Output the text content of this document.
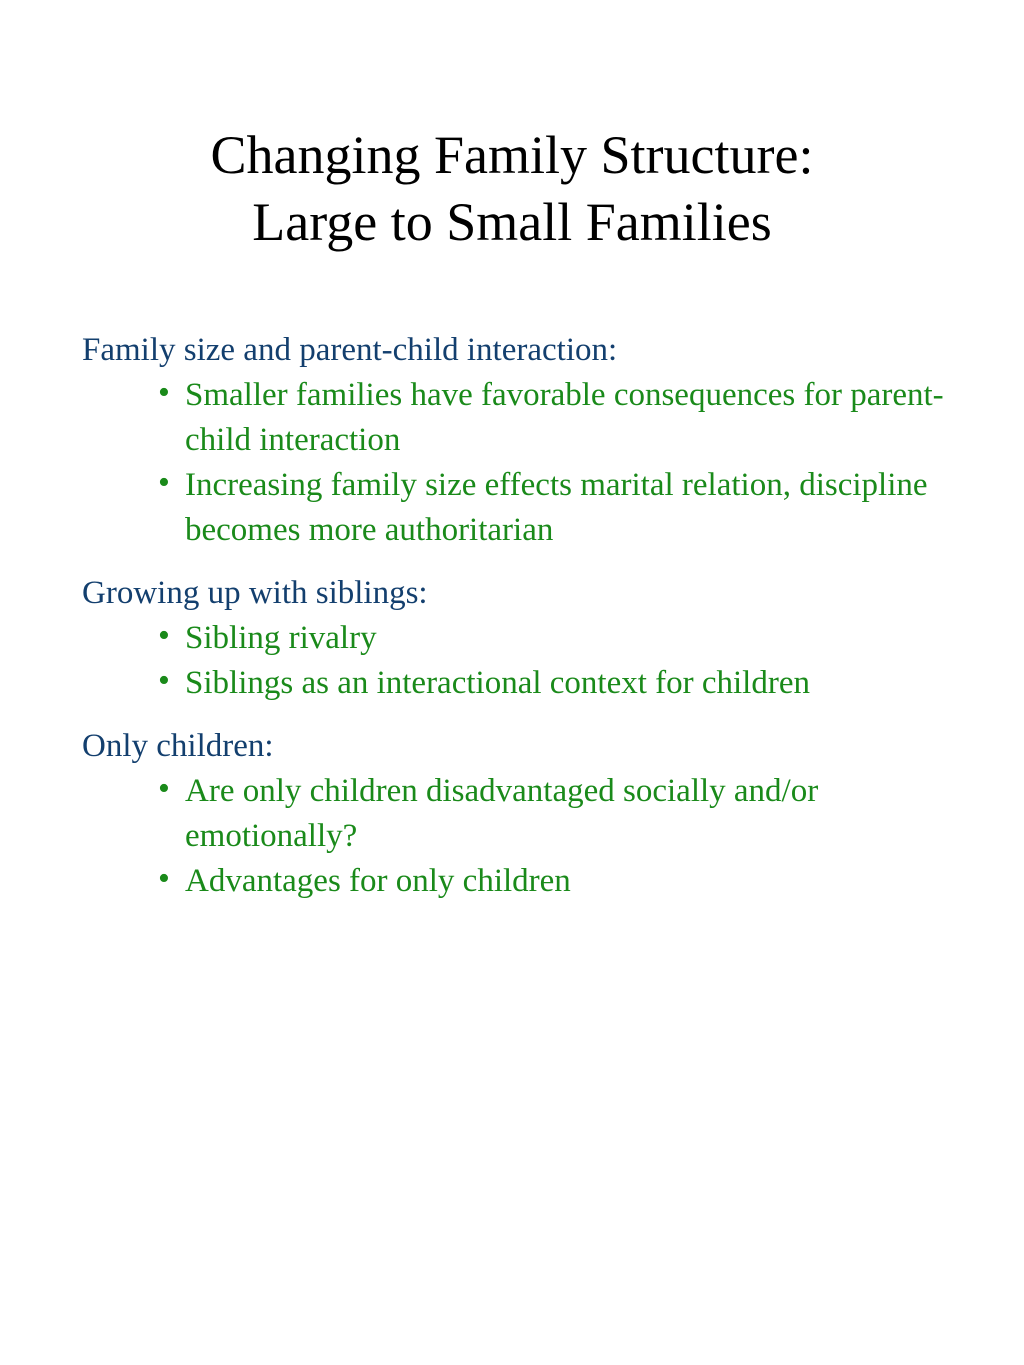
Changing Family Structure:
Large to Small Families

Family size and parent-child interaction:

• Smaller families have favorable consequences for parent-child interaction
• Increasing family size effects marital relation, discipline becomes more authoritarian

Growing up with siblings:

• Sibling rivalry
• Siblings as an interactional context for children

Only children:

• Are only children disadvantaged socially and/or emotionally?
• Advantages for only children
